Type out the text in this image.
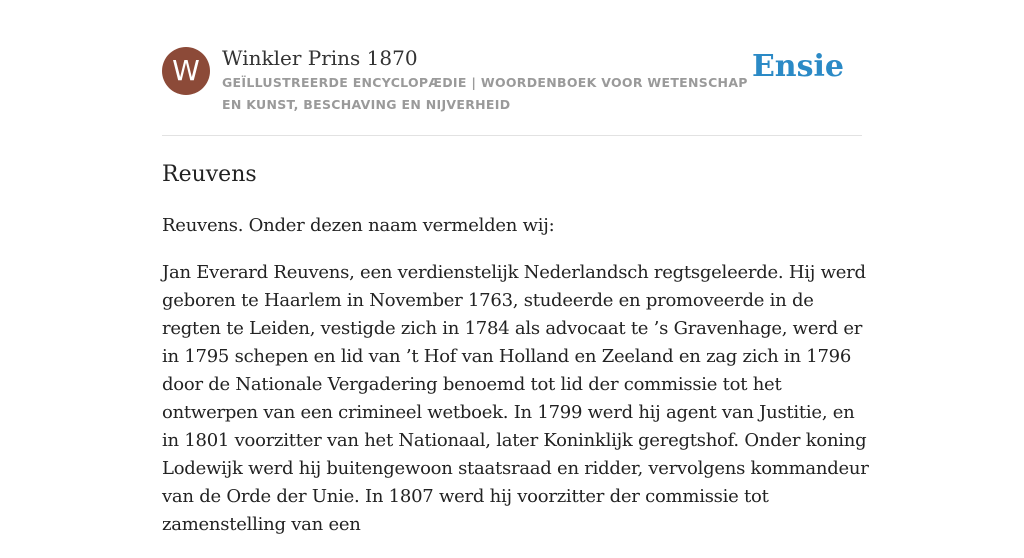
W	Winkler Prins 1870
GEÏLLUSTREERDE ENCYCLOPÆDIE | WOORDENBOEK VOOR WETENSCHAP EN KUNST, BESCHAVING EN NIJVERHEID
Ensie
Reuvens

Reuvens. Onder dezen naam vermelden wij:

Jan Everard Reuvens, een verdienstelijk Nederlandsch regtsgeleerde. Hij werd geboren te Haarlem in November 1763, studeerde en promoveerde in de regten te Leiden, vestigde zich in 1784 als advocaat te ’s Gravenhage, werd er in 1795 schepen en lid van ’t Hof van Holland en Zeeland en zag zich in 1796 door de Nationale Vergadering benoemd tot lid der commissie tot het ontwerpen van een crimineel wetboek. In 1799 werd hij agent van Justitie, en in 1801 voorzitter van het Nationaal, later Koninklijk geregtshof. Onder koning Lodewijk werd hij buitengewoon staatsraad en ridder, vervolgens kommandeur van de Orde der Unie. In 1807 werd hij voorzitter der commissie tot zamenstelling van een
